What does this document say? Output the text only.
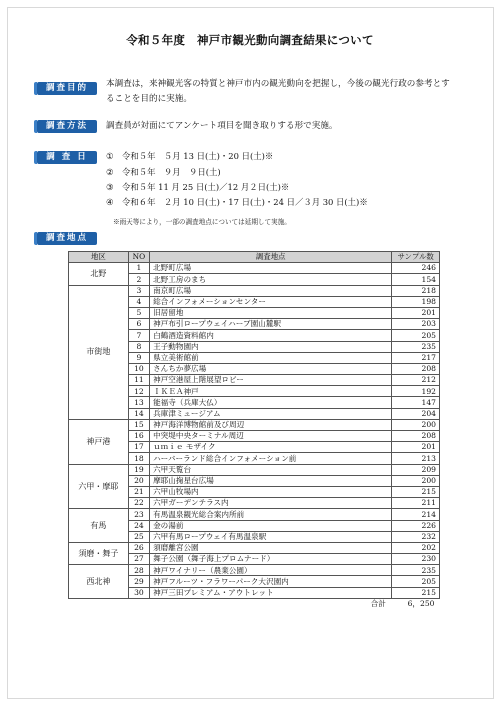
令和５年度　神戸市観光動向調査結果について
調査目的	本調査は，来神観光客の特質と神戸市内の観光動向を把握し，今後の観光行政の参考とす
ることを目的に実施。
調査方法	調査員が対面にてアンケート項目を聞き取りする形で実施。
調 査 日	① 令和５年　５月 13 日(土)・20 日(土)※
② 令和５年　９月　９日(土)
③ 令和５年 11 月 25 日(土)／12 月２日(土)※
④ 令和６年　２月 10 日(土)・17 日(土)・24 日／３月 30 日(土)※
※雨天等により，一部の調査地点については延期して実施。
調査地点
地区	NO	調査地点	サンプル数
北野	1	北野町広場	246
	2	北野工房のまち	154
市街地	3	南京町広場	218
	4	総合インフォメーションセンター	198
	5	旧居留地	201
	6	神戸布引ロープウェイハーブ園山麓駅	203
	7	白鶴酒造資料館内	205
	8	王子動物園内	235
	9	県立美術館前	217
	10	さんちか夢広場	208
	11	神戸空港屋上階展望ロビー	212
	12	ＩＫＥＡ神戸	192
	13	能福寺（兵庫大仏）	147
	14	兵庫津ミュージアム	204
神戸港	15	神戸海洋博物館前及び周辺	200
	16	中突堤中央ターミナル周辺	208
	17	ｕｍｉｅ モザイク	201
	18	ハーバーランド総合インフォメーション前	213
六甲・摩耶	19	六甲天覧台	209
	20	摩耶山掬星台広場	200
	21	六甲山牧場内	215
	22	六甲ガーデンテラス内	211
有馬	23	有馬温泉観光総合案内所前	214
	24	金の湯前	226
	25	六甲有馬ロープウェイ有馬温泉駅	232
須磨・舞子	26	須磨離宮公園	202
	27	舞子公園（舞子海上プロムナード）	230
西北神	28	神戸ワイナリー（農業公園）	235
	29	神戸フルーツ・フラワーパーク大沢園内	205
	30	神戸三田プレミアム・アウトレット	215
		合計	6，250
